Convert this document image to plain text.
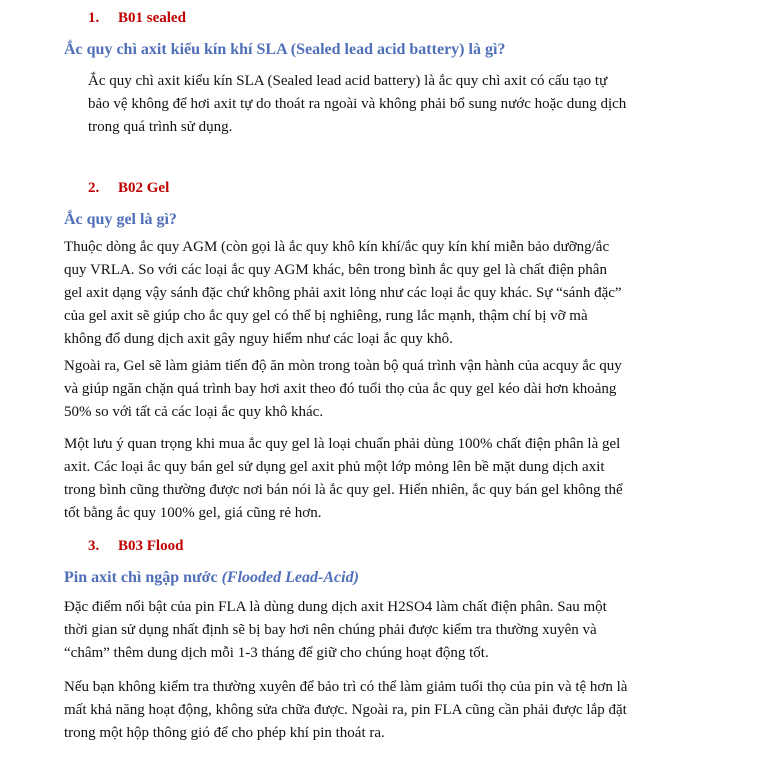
1. B01 sealed
Ắc quy chì axit kiểu kín khí SLA (Sealed lead acid battery) là gì?

Ắc quy chì axit kiểu kín SLA (Sealed lead acid battery) là ắc quy chì axit có cấu tạo tự
bảo vệ không để hơi axit tự do thoát ra ngoài và không phải bổ sung nước hoặc dung dịch
trong quá trình sử dụng.

2. B02 Gel
Ắc quy gel là gì?

Thuộc dòng ắc quy AGM (còn gọi là ắc quy khô kín khí/ắc quy kín khí miễn bảo dưỡng/ắc
quy VRLA. So với các loại ắc quy AGM khác, bên trong bình ắc quy gel là chất điện phân
gel axit dạng vậy sánh đặc chứ không phải axit lỏng như các loại ắc quy khác. Sự “sánh đặc”
của gel axit sẽ giúp cho ắc quy gel có thể bị nghiêng, rung lắc mạnh, thậm chí bị vỡ mà
không đổ dung dịch axit gây nguy hiểm như các loại ắc quy khô.

Ngoài ra, Gel sẽ làm giảm tiến độ ăn mòn trong toàn bộ quá trình vận hành của acquy ắc quy
và giúp ngăn chặn quá trình bay hơi axit theo đó tuổi thọ của ắc quy gel kéo dài hơn khoảng
50% so với tất cả các loại ắc quy khô khác.

Một lưu ý quan trọng khi mua ắc quy gel là loại chuẩn phải dùng 100% chất điện phân là gel
axit. Các loại ắc quy bán gel sử dụng gel axit phủ một lớp mỏng lên bề mặt dung dịch axit
trong bình cũng thường được nơi bán nói là ắc quy gel. Hiển nhiên, ắc quy bán gel không thể
tốt bằng ắc quy 100% gel, giá cũng rẻ hơn.

3. B03 Flood
Pin axit chì ngập nước (Flooded Lead-Acid)

Đặc điểm nổi bật của pin FLA là dùng dung dịch axit H2SO4 làm chất điện phân. Sau một
thời gian sử dụng nhất định sẽ bị bay hơi nên chúng phải được kiểm tra thường xuyên và
“châm” thêm dung dịch mỗi 1-3 tháng để giữ cho chúng hoạt động tốt.

Nếu bạn không kiểm tra thường xuyên để bảo trì có thể làm giảm tuổi thọ của pin và tệ hơn là
mất khả năng hoạt động, không sửa chữa được. Ngoài ra, pin FLA cũng cần phải được lắp đặt
trong một hộp thông gió để cho phép khí pin thoát ra.
